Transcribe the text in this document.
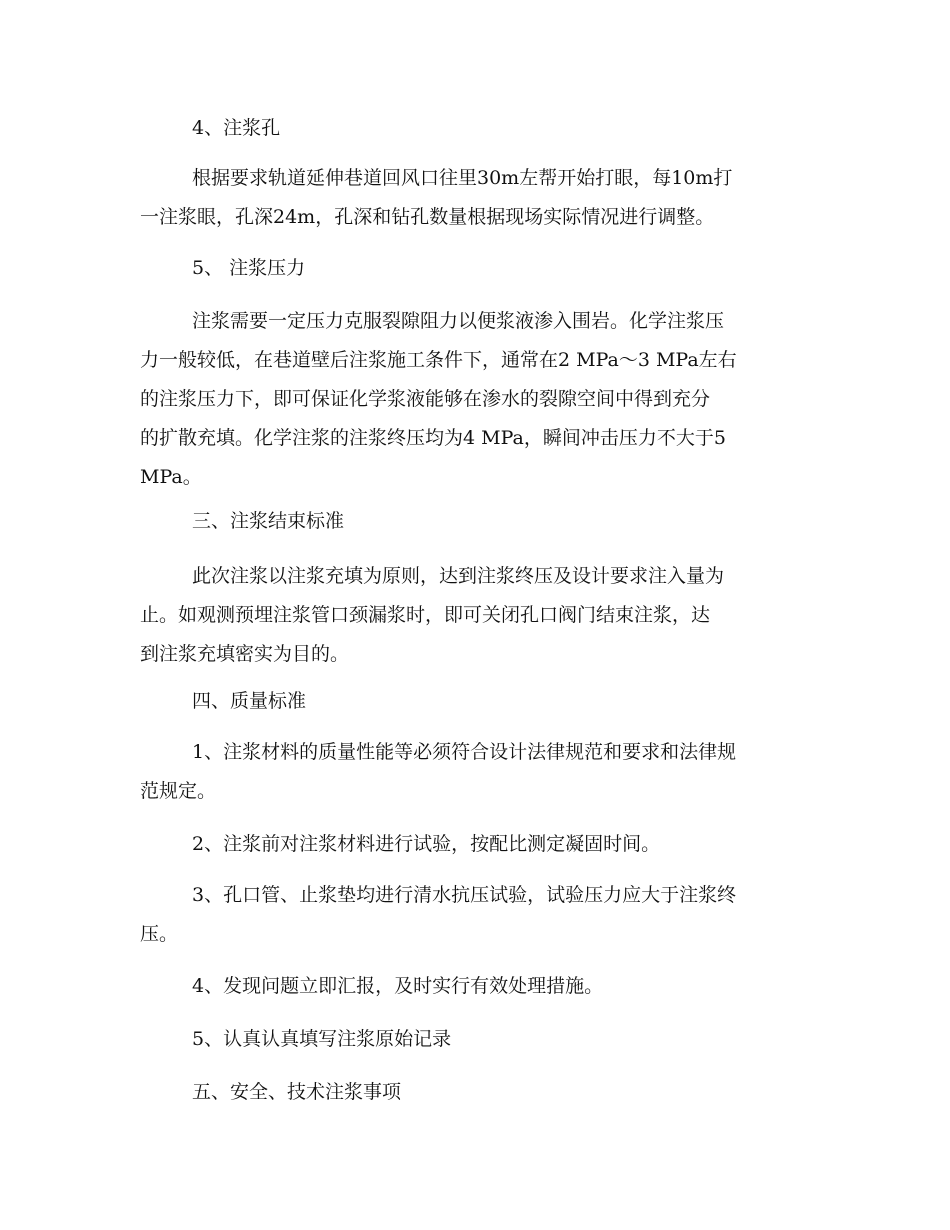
4、注浆孔
根据要求轨道延伸巷道回风口往里30m左帮开始打眼，每10m打
一注浆眼，孔深24m，孔深和钻孔数量根据现场实际情况进行调整。
5、 注浆压力
注浆需要一定压力克服裂隙阻力以便浆液渗入围岩。化学注浆压
力一般较低，在巷道壁后注浆施工条件下，通常在2 MPa～3 MPa左右
的注浆压力下，即可保证化学浆液能够在渗水的裂隙空间中得到充分
的扩散充填。化学注浆的注浆终压均为4 MPa，瞬间冲击压力不大于5
MPa。
三、注浆结束标准
此次注浆以注浆充填为原则，达到注浆终压及设计要求注入量为
止。如观测预埋注浆管口颈漏浆时，即可关闭孔口阀门结束注浆，达
到注浆充填密实为目的。
四、质量标准
1、注浆材料的质量性能等必须符合设计法律规范和要求和法律规
范规定。
2、注浆前对注浆材料进行试验，按配比测定凝固时间。
3、孔口管、止浆垫均进行清水抗压试验，试验压力应大于注浆终
压。
4、发现问题立即汇报，及时实行有效处理措施。
5、认真认真填写注浆原始记录
五、安全、技术注浆事项
